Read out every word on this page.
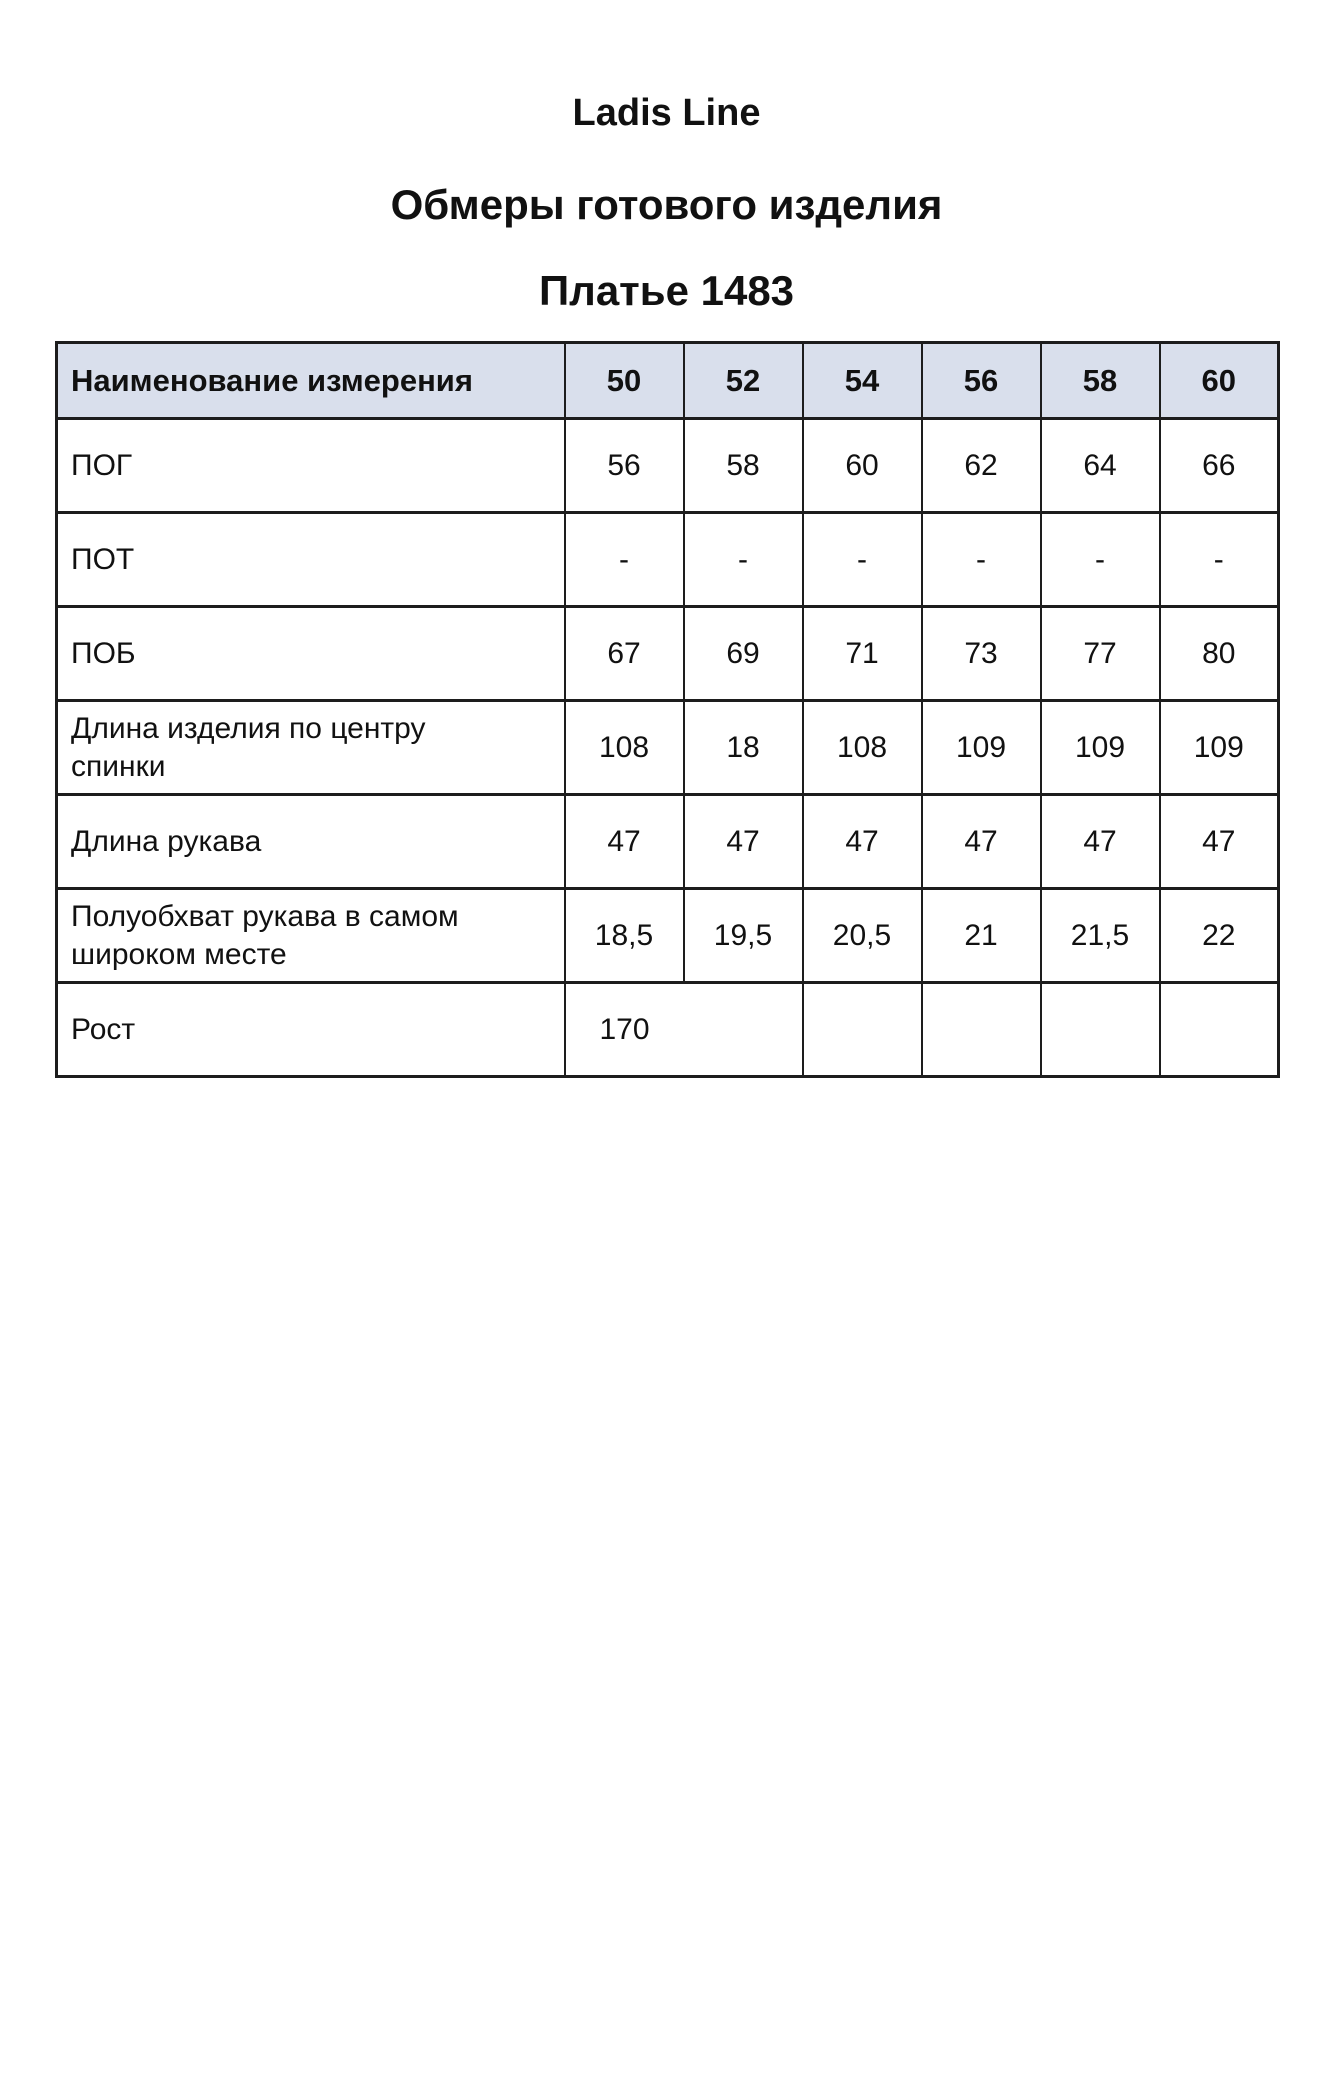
Ladis Line
Обмеры готового изделия
Платье 1483
Наименование измерения	50	52	54	56	58	60
ПОГ	56	58	60	62	64	66
ПОТ	-	-	-	-	-	-
ПОБ	67	69	71	73	77	80
Длина изделия по центру спинки	108	18	108	109	109	109
Длина рукава	47	47	47	47	47	47
Полуобхват рукава в самом широком месте	18,5	19,5	20,5	21	21,5	22
Рост	170					
